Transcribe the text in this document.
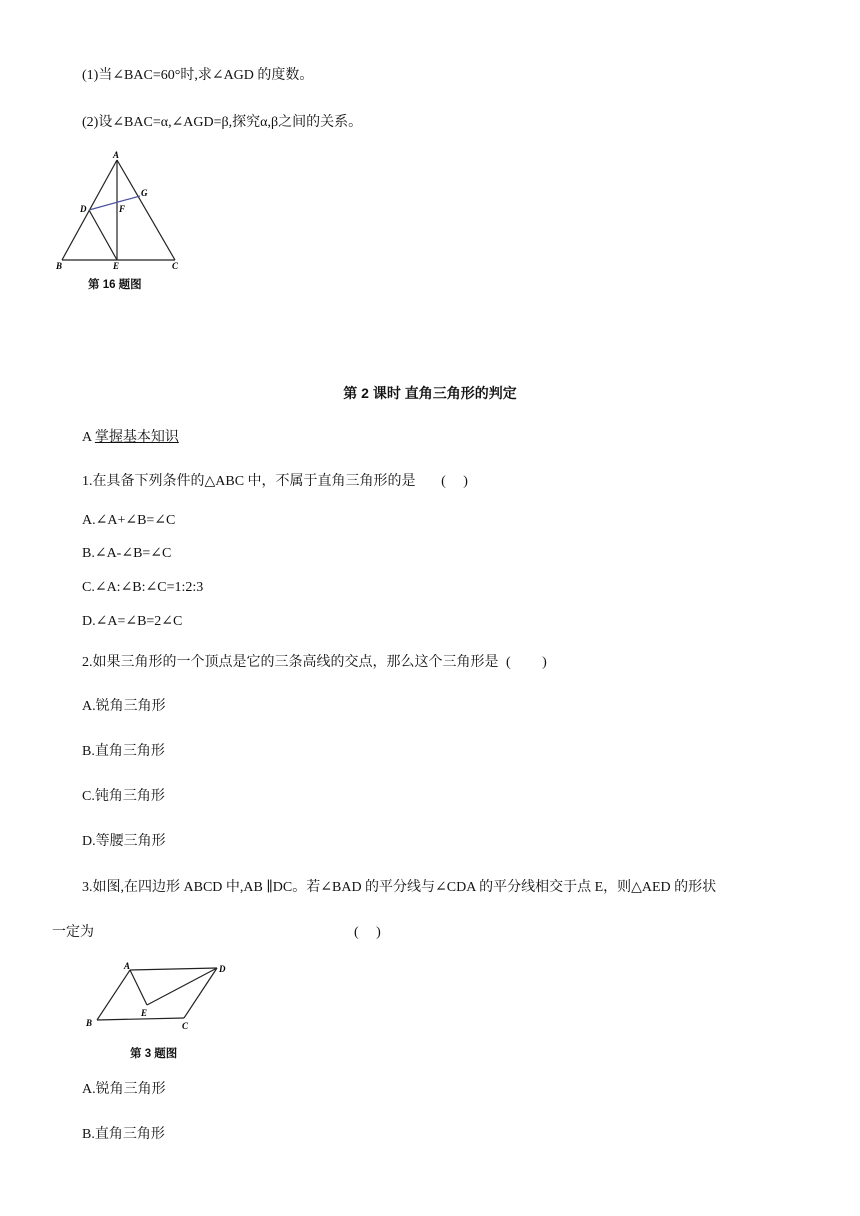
(1)当∠BAC=60°时,求∠AGD 的度数。
(2)设∠BAC=α,∠AGD=β,探究α,β之间的关系。
A
B	C
D
E
F
G
第 16 题图
第 2 课时 直角三角形的判定
A 掌握基本知识
1.在具备下列条件的△ABC 中，不属于直角三角形的是 (　 )
A.∠A+∠B=∠C
B.∠A-∠B=∠C
C.∠A:∠B:∠C=1:2:3
D.∠A=∠B=2∠C
2.如果三角形的一个顶点是它的三条高线的交点，那么这个三角形是 (　 　)
A.锐角三角形
B.直角三角形
C.钝角三角形
D.等腰三角形
3.如图,在四边形 ABCD 中,AB ∥DC。若∠BAD 的平分线与∠CDA 的平分线相交于点 E，则△AED 的形状
一定为	(　 )
A
B	C
D
E
第 3 题图
A.锐角三角形
B.直角三角形
